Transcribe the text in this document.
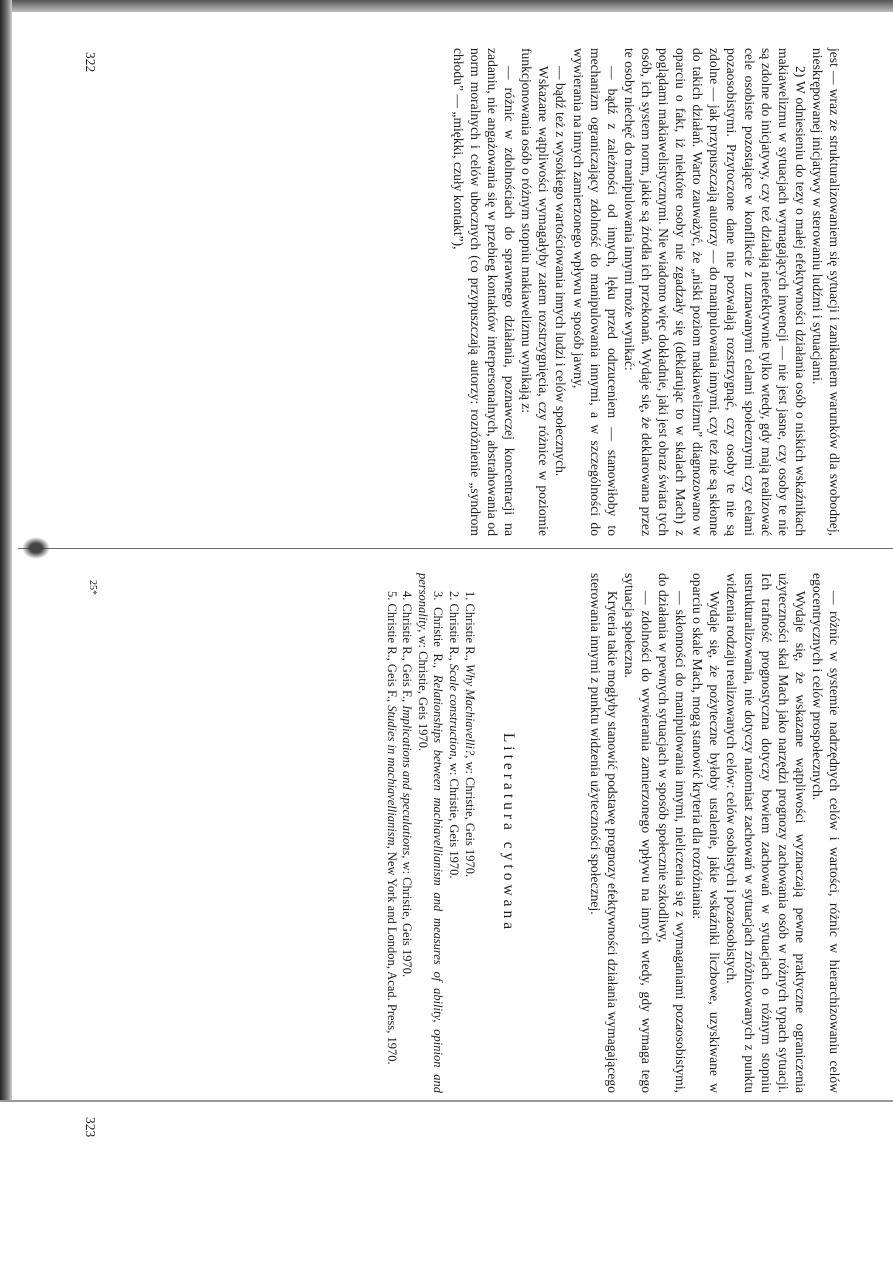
jest — wraz ze strukturalizowaniem się sytuacji i zanikaniem warunków dla swobodnej, nieskrępowanej inicjatywy w sterowaniu ludźmi i sytuacjami.

2) W odniesieniu do tezy o małej efektywności działania osób o niskich wskaźnikach makiawelizmu w sytuacjach wymagających inwencji — nie jest jasne, czy osoby te nie są zdolne do inicjatywy, czy też działają nieefektywnie tylko wtedy, gdy mają realizować cele osobiste pozostające w konflikcie z uznawanymi celami społecznymi czy celami pozaosobistymi. Przytoczone dane nie pozwalają rozstrzygnąć, czy osoby te nie są zdolne — jak przypuszczają autorzy — do manipulowania innymi, czy też nie są skłonne do takich działań. Warto zauważyć, że „niski poziom makiawelizmu” diagnozowano w oparciu o fakt, iż niektóre osoby nie zgadzały się (deklarując to w skalach Mach) z poglądami makiawelistycznymi. Nie wiadomo więc dokładnie, jaki jest obraz świata tych osób, ich system norm, jakie są źródła ich przekonań. Wydaje się, że deklarowana przez te osoby niechęć do manipulowania innymi może wynikać:

— bądź z zależności od innych, lęku przed odrzuceniem — stanowiłoby to mechanizm ograniczający zdolność do manipulowania innymi, a w szczególności do wywierania na innych zamierzonego wpływu w sposób jawny,

— bądź też z wysokiego wartościowania innych ludzi i celów społecznych.

Wskazane wątpliwości wymagałyby zatem rozstrzygnięcia, czy różnice w poziomie funkcjonowania osób o różnym stopniu makiawelizmu wynikają z:

— różnic w zdolnościach do sprawnego działania, poznawczej koncentracji na zadaniu, nie angażowania się w przebieg kontaktów interpersonalnych, abstrahowania od norm moralnych i celów ubocznych (co przypuszczają autorzy: rozróżnienie „syndrom chłodu” — „miękki, czuły kontakt”),

— różnic w systemie nadrzędnych celów i wartości, różnic w hierarchizowaniu celów egocentrycznych i celów prospołecznych.

Wydaje się, że wskazane wątpliwości wyznaczają pewne praktyczne ograniczenia użyteczności skal Mach jako narzędzi prognozy zachowania osób w różnych typach sytuacji. Ich trafność prognostyczna dotyczy bowiem zachowań w sytuacjach o różnym stopniu ustrukturalizowania, nie dotyczy natomiast zachowań w sytuacjach zróżnicowanych z punktu widzenia rodzaju realizowanych celów: celów osobistych i pozaosobistych.

Wydaje się, że pożyteczne byłoby ustalenie, jakie wskaźniki liczbowe, uzyskiwane w oparciu o skale Mach, mogą stanowić kryteria dla rozróżniania:

— skłonności do manipulowania innymi, nieliczenia się z wymaganiami pozaosobistymi, do działania w pewnych sytuacjach w sposób społecznie szkodliwy,

— zdolności do wywierania zamierzonego wpływu na innych wtedy, gdy wymaga tego sytuacja społeczna.

Kryteria takie mogłyby stanowić podstawę prognozy efektywności działania wymagającego sterowania innymi z punktu widzenia użyteczności społecznej.

Literatura cytowana
1. Christie R., Why Machiavelli?, w: Christie, Geis 1970.
2. Christie R., Scale construction, w: Christie, Geis 1970.
3. Christie R., Relationships between machiavellianism and measures of ability, opinion and personality, w: Christie, Geis 1970.
4. Christie R., Geis F., Implications and speculations, w: Christie, Geis 1970.
5. Christie R., Geis F., Studies in machiavellianism, New York and London, Acad. Press, 1970.
322
25*
323
